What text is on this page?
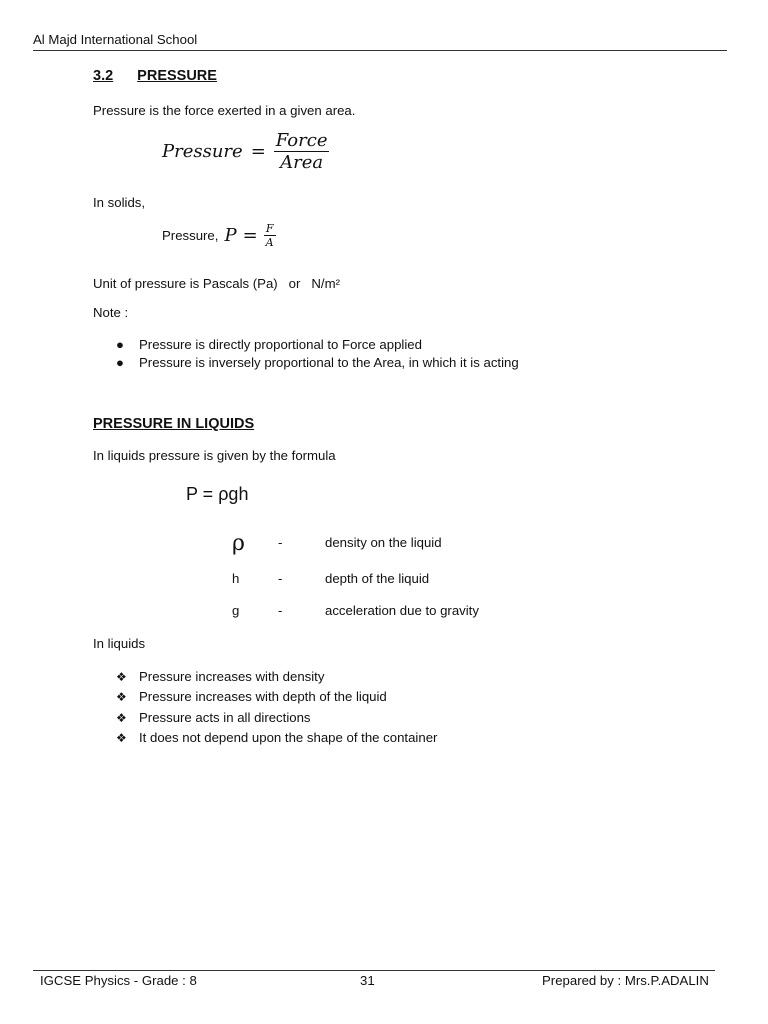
Al Majd International School
3.2 PRESSURE
Pressure is the force exerted in a given area.
Pressure = $\frac{\text{Force}}{\text{Area}}$
In solids,
Pressure, $P = \frac{F}{A}$
Unit of pressure is Pascals (Pa)   or   N/m²
Note :
● Pressure is directly proportional to Force applied
● Pressure is inversely proportional to the Area, in which it is acting
PRESSURE IN LIQUIDS
In liquids pressure is given by the formula
P = ρgh
ρ	-	density on the liquid
h	-	depth of the liquid
g	-	acceleration due to gravity
In liquids
❖ Pressure increases with density
❖ Pressure increases with depth of the liquid
❖ Pressure acts in all directions
❖ It does not depend upon the shape of the container
IGCSE Physics - Grade : 8	31	Prepared by : Mrs.P.ADALIN
